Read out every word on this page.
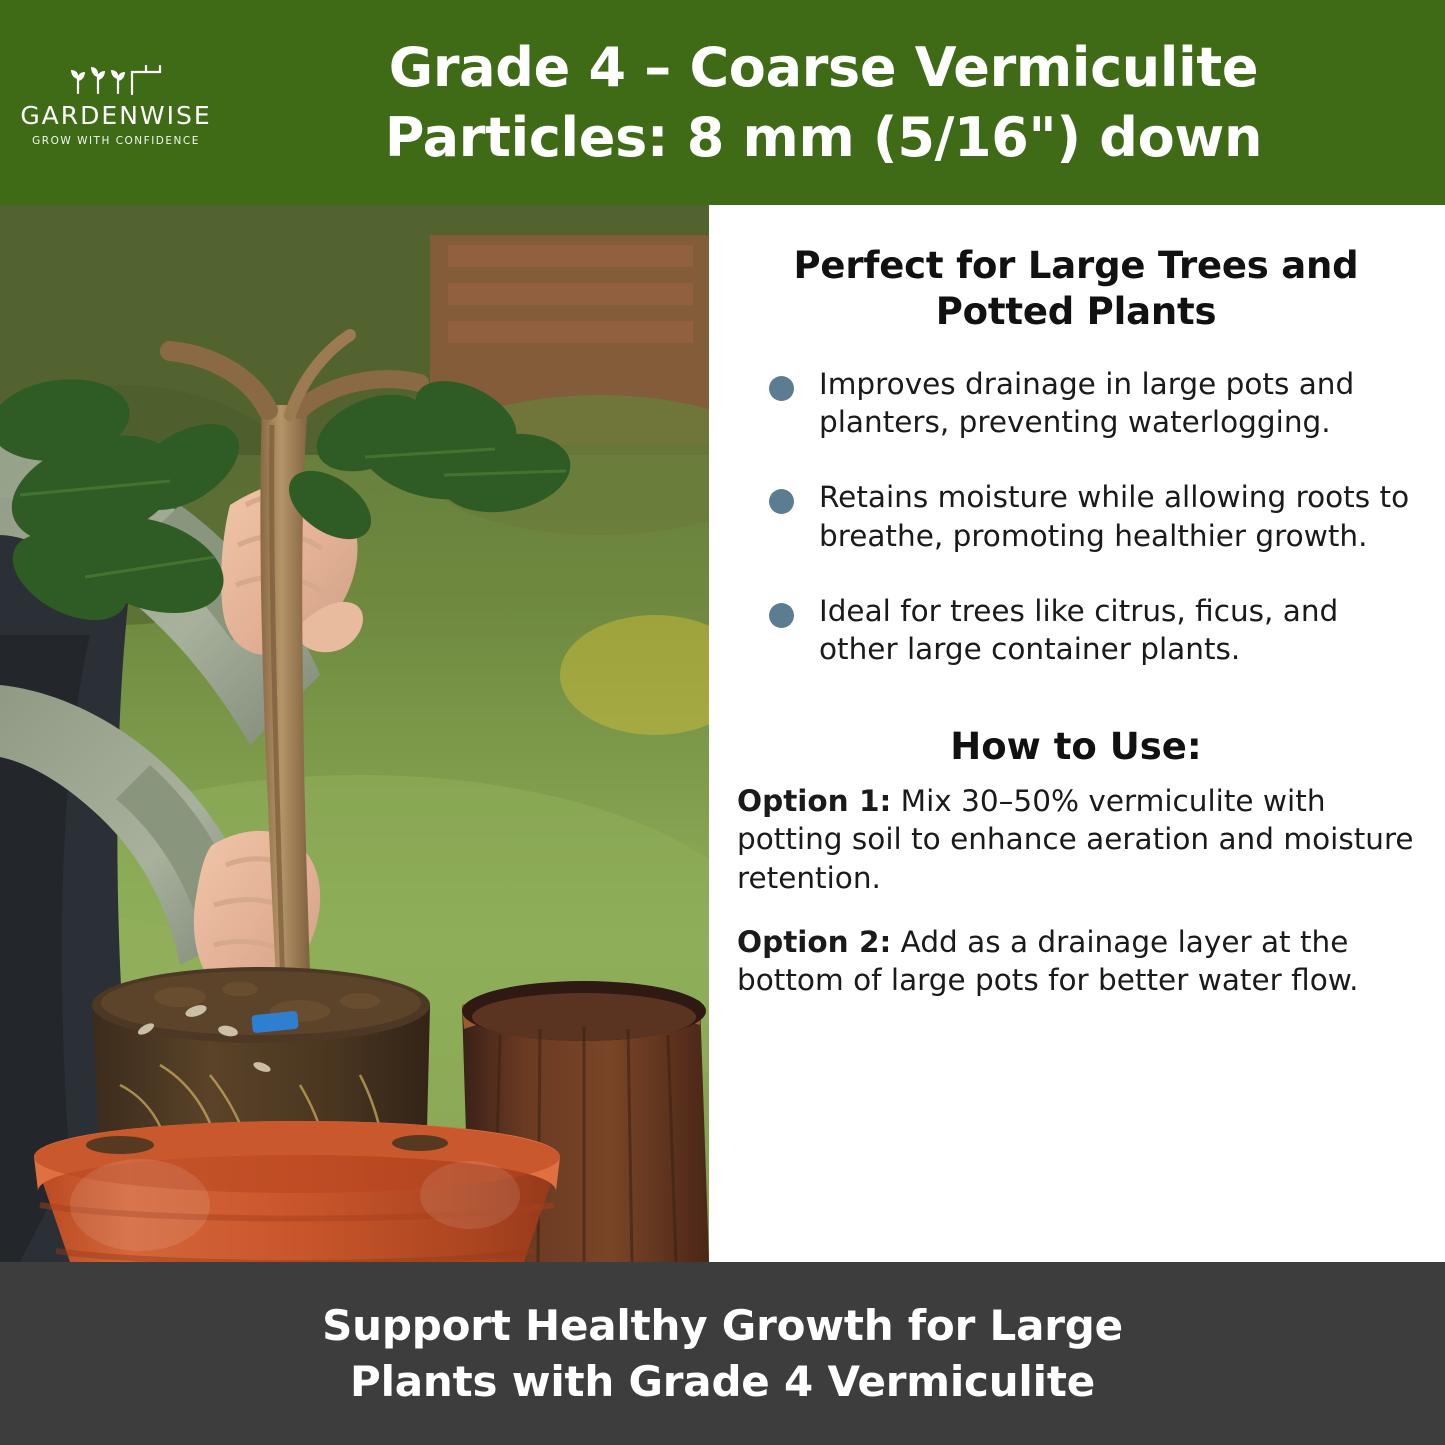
GARDENWISE
GROW WITH CONFIDENCE
Grade 4 – Coarse Vermiculite
Particles: 8 mm (5/16") down
Perfect for Large Trees and Potted Plants
Improves drainage in large pots and planters, preventing waterlogging.
Retains moisture while allowing roots to breathe, promoting healthier growth.
Ideal for trees like citrus, ficus, and other large container plants.
How to Use:

Option 1: Mix 30–50% vermiculite with potting soil to enhance aeration and moisture retention.

Option 2: Add as a drainage layer at the bottom of large pots for better water flow.

Support Healthy Growth for Large
Plants with Grade 4 Vermiculite
